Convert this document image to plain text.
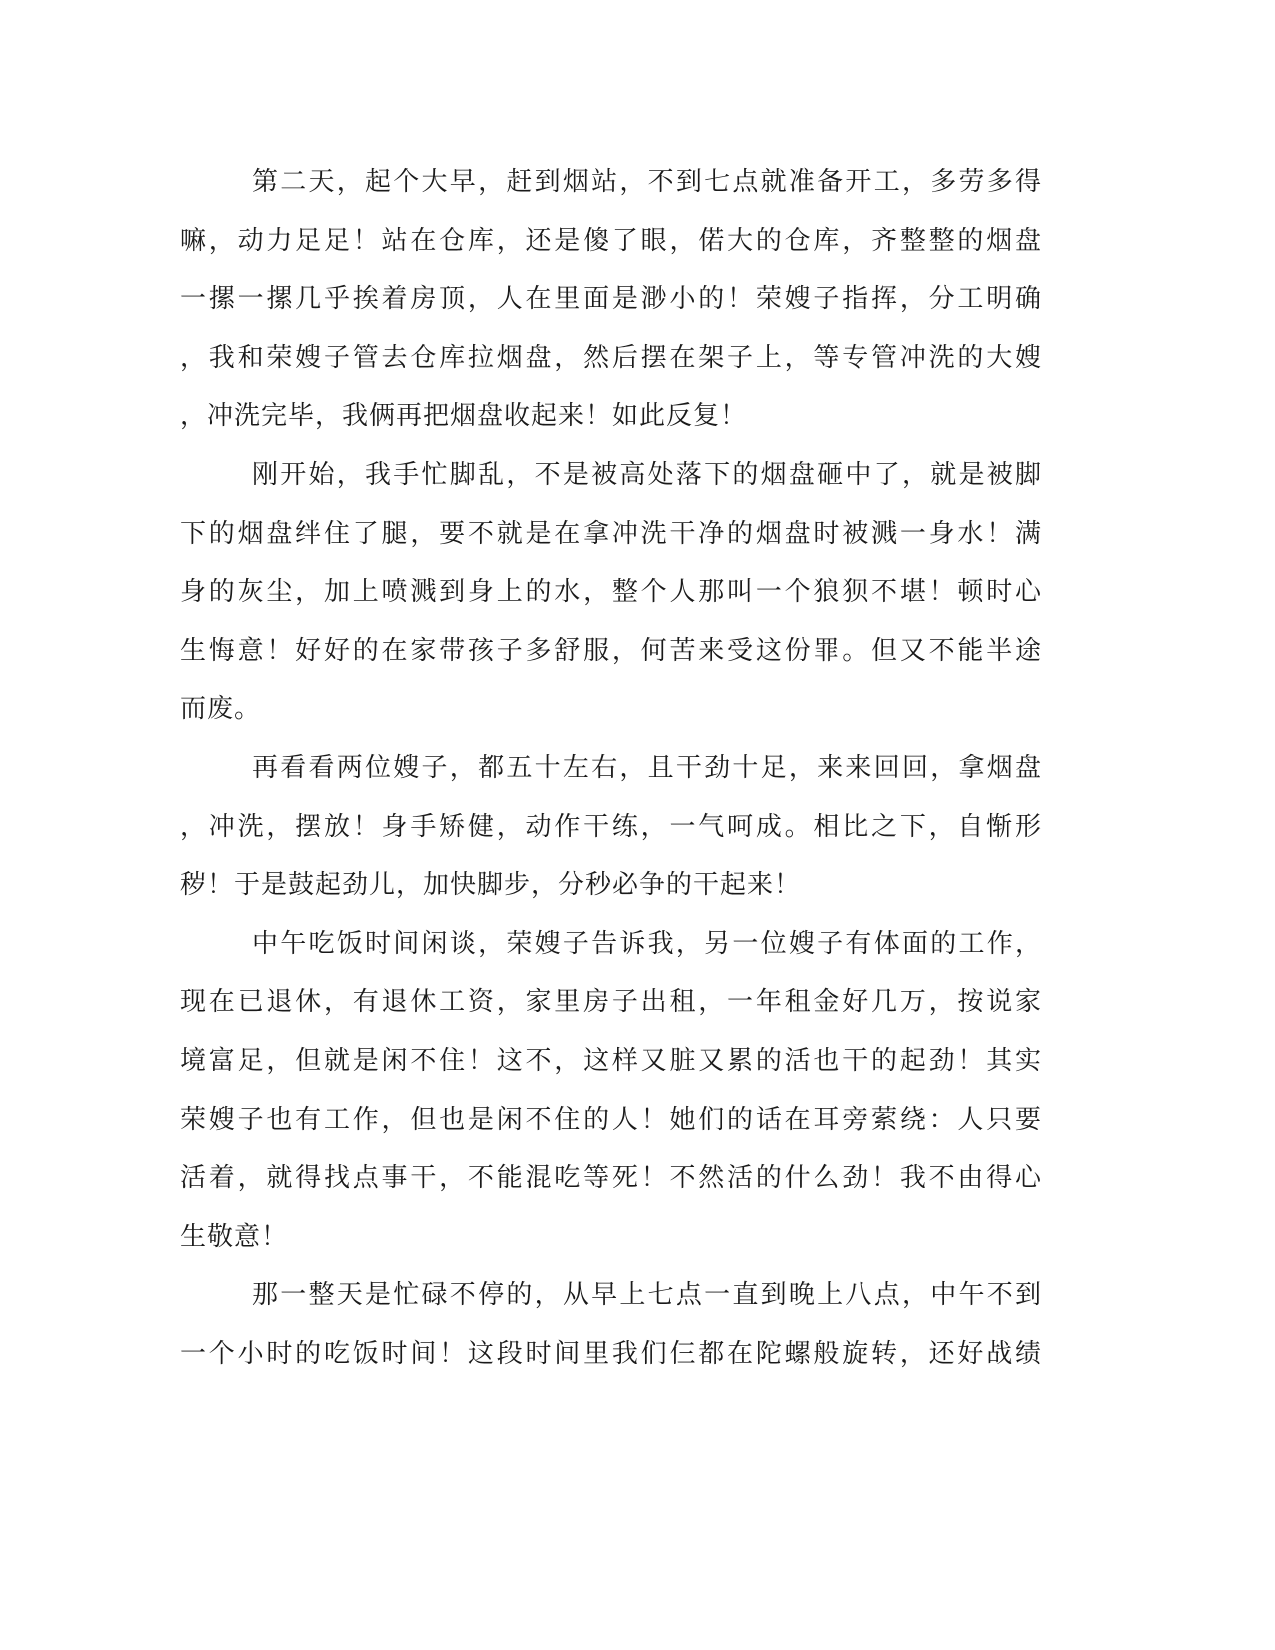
第二天，起个大早，赶到烟站，不到七点就准备开工，多劳多得
嘛，动力足足！站在仓库，还是傻了眼，偌大的仓库，齐整整的烟盘
一摞一摞几乎挨着房顶，人在里面是渺小的！荣嫂子指挥，分工明确
，我和荣嫂子管去仓库拉烟盘，然后摆在架子上，等专管冲洗的大嫂
，冲洗完毕，我俩再把烟盘收起来！如此反复！
刚开始，我手忙脚乱，不是被高处落下的烟盘砸中了，就是被脚
下的烟盘绊住了腿，要不就是在拿冲洗干净的烟盘时被溅一身水！满
身的灰尘，加上喷溅到身上的水，整个人那叫一个狼狈不堪！顿时心
生悔意！好好的在家带孩子多舒服，何苦来受这份罪。但又不能半途
而废。
再看看两位嫂子，都五十左右，且干劲十足，来来回回，拿烟盘
，冲洗，摆放！身手矫健，动作干练，一气呵成。相比之下，自惭形
秽！于是鼓起劲儿，加快脚步，分秒必争的干起来！
中午吃饭时间闲谈，荣嫂子告诉我，另一位嫂子有体面的工作，
现在已退休，有退休工资，家里房子出租，一年租金好几万，按说家
境富足，但就是闲不住！这不，这样又脏又累的活也干的起劲！其实
荣嫂子也有工作，但也是闲不住的人！她们的话在耳旁萦绕：人只要
活着，就得找点事干，不能混吃等死！不然活的什么劲！我不由得心
生敬意！
那一整天是忙碌不停的，从早上七点一直到晚上八点，中午不到
一个小时的吃饭时间！这段时间里我们仨都在陀螺般旋转，还好战绩
